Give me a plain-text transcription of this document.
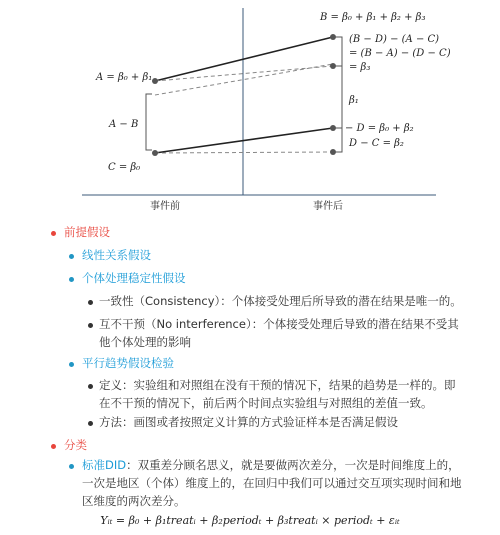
A = β₀ + β₁
A − B
C = β₀
B = β₀ + β₁ + β₂ + β₃
(B − D) − (A − C)
= (B − A) − (D − C)
= β₃
β₁
− D = β₀ + β₂
D − C = β₂
事件前	事件后
前提假设
线性关系假设
个体处理稳定性假设
一致性（Consistency）：个体接受处理后所导致的潜在结果是唯一的。
互不干预（No interference）：个体接受处理后导致的潜在结果不受其
他个体处理的影响
平行趋势假设检验
定义：实验组和对照组在没有干预的情况下，结果的趋势是一样的。即
在不干预的情况下，前后两个时间点实验组与对照组的差值一致。
方法：画图或者按照定义计算的方式验证样本是否满足假设
分类
标准DID：双重差分顾名思义，就是要做两次差分，一次是时间维度上的，
一次是地区（个体）维度上的，在回归中我们可以通过交互项实现时间和地
区维度的两次差分。
Yᵢₜ = β₀ + β₁treatᵢ + β₂periodₜ + β₃treatᵢ × periodₜ + εᵢₜ
